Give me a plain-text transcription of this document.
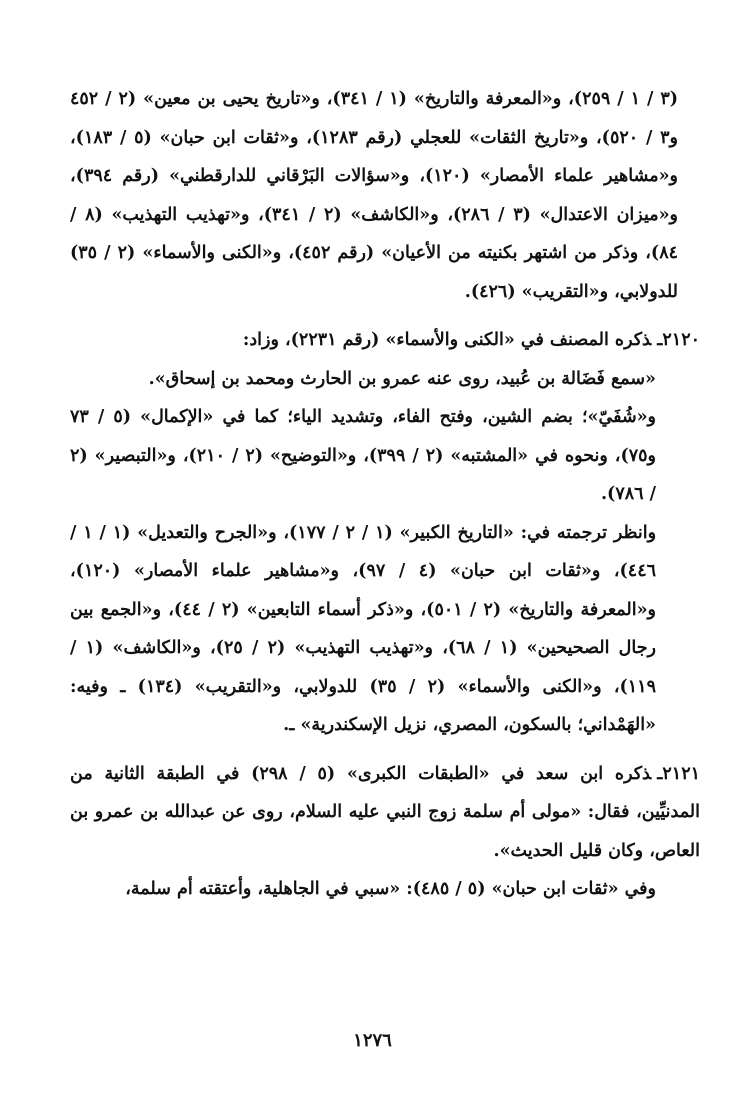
(٣ / ١ / ٢٥٩)، و«المعرفة والتاريخ» (١ / ٣٤١)، و«تاريخ يحيى بن معين» (٢ / ٤٥٢ و٣ / ٥٢٠)، و«تاريخ الثقات» للعجلي (رقم ١٢٨٣)، و«ثقات ابن حبان» (٥ / ١٨٣)، و«مشاهير علماء الأمصار» (١٢٠)، و«سؤالات البَرْقاني للدارقطني» (رقم ٣٩٤)، و«ميزان الاعتدال» (٣ / ٢٨٦)، و«الكاشف» (٢ / ٣٤١)، و«تهذيب التهذيب» (٨ / ٨٤)، وذكر من اشتهر بكنيته من الأعيان» (رقم ٤٥٢)، و«الكنى والأسماء» (٢ / ٣٥) للدولابي، و«التقريب» (٤٢٦).

٢١٢٠ـذكره المصنف في «الكنى والأسماء» (رقم ٢٢٣١)، وزاد:

«سمع فَضَالة بن عُبيد، روى عنه عمرو بن الحارث ومحمد بن إسحاق».

و«شُفَيّ»؛ بضم الشين، وفتح الفاء، وتشديد الياء؛ كما في «الإكمال» (٥ / ٧٣ و٧٥)، ونحوه في «المشتبه» (٢ / ٣٩٩)، و«التوضيح» (٢ / ٢١٠)، و«التبصير» (٢ / ٧٨٦).

وانظر ترجمته في: «التاريخ الكبير» (١ / ٢ / ١٧٧)، و«الجرح والتعديل» (١ / ١ / ٤٤٦)، و«ثقات ابن حبان» (٤ / ٩٧)، و«مشاهير علماء الأمصار» (١٢٠)، و«المعرفة والتاريخ» (٢ / ٥٠١)، و«ذكر أسماء التابعين» (٢ / ٤٤)، و«الجمع بين رجال الصحيحين» (١ / ٦٨)، و«تهذيب التهذيب» (٢ / ٢٥)، و«الكاشف» (١ / ١١٩)، و«الكنى والأسماء» (٢ / ٣٥) للدولابي، و«التقريب» (١٣٤) ـ وفيه: «الهَمْداني؛ بالسكون، المصري، نزيل الإسكندرية» ـ.

٢١٢١ـذكره ابن سعد في «الطبقات الكبرى» (٥ / ٢٩٨) في الطبقة الثانية من المدنيِّين، فقال: «مولى أم سلمة زوج النبي عليه السلام، روى عن عبدالله بن عمرو بن العاص، وكان قليل الحديث».

وفي «ثقات ابن حبان» (٥ / ٤٨٥): «سبي في الجاهلية، وأعتقته أم سلمة،

١٢٧٦
